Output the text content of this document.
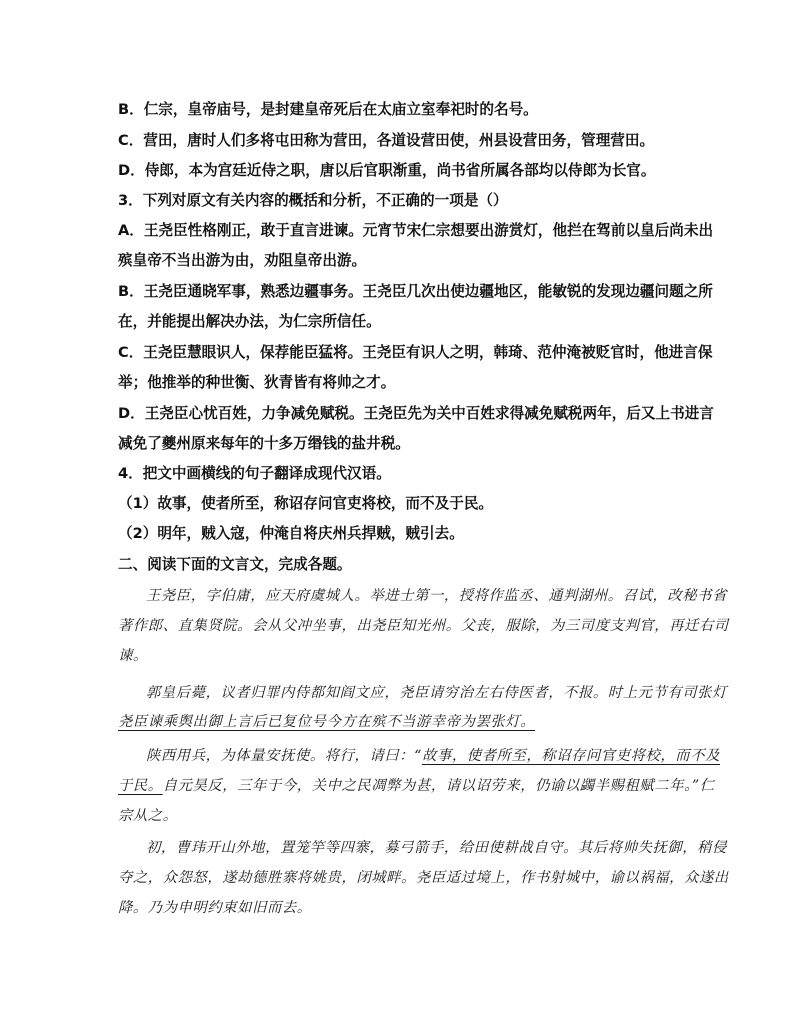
B．仁宗，皇帝庙号，是封建皇帝死后在太庙立室奉祀时的名号。
C．营田，唐时人们多将屯田称为营田，各道设营田使，州县设营田务，管理营田。
D．侍郎，本为宫廷近侍之职，唐以后官职渐重，尚书省所属各部均以侍郎为长官。
3．下列对原文有关内容的概括和分析，不正确的一项是（）
A．王尧臣性格刚正，敢于直言进谏。元宵节宋仁宗想要出游赏灯，他拦在驾前以皇后尚未出
殡皇帝不当出游为由，劝阻皇帝出游。
B．王尧臣通晓军事，熟悉边疆事务。王尧臣几次出使边疆地区，能敏锐的发现边疆问题之所
在，并能提出解决办法，为仁宗所信任。
C．王尧臣慧眼识人，保荐能臣猛将。王尧臣有识人之明，韩琦、范仲淹被贬官时，他进言保
举；他推举的种世衡、狄青皆有将帅之才。
D．王尧臣心忧百姓，力争减免赋税。王尧臣先为关中百姓求得减免赋税两年，后又上书进言
减免了夔州原来每年的十多万缗钱的盐井税。
4．把文中画横线的句子翻译成现代汉语。
（1）故事，使者所至，称诏存问官吏将校，而不及于民。
（2）明年，贼入寇，仲淹自将庆州兵捍贼，贼引去。
二、阅读下面的文言文，完成各题。
王尧臣，字伯庸，应天府虞城人。举进士第一，授将作监丞、通判湖州。召试，改秘书省
著作郎、直集贤院。会从父冲坐事，出尧臣知光州。父丧，服除，为三司度支判官，再迁右司
谏。
郭皇后薨，议者归罪内侍都知阎文应，尧臣请穷治左右侍医者，不报。时上元节有司张灯
尧臣谏乘舆出御上言后已复位号今方在殡不当游幸帝为罢张灯。
陕西用兵，为体量安抚使。将行，请曰：“故事，使者所至，称诏存问官吏将校，而不及
于民。自元昊反，三年于今，关中之民凋弊为甚，请以诏劳来，仍谕以蠲半赐租赋二年。”仁
宗从之。
初，曹玮开山外地，置笼竿等四寨，募弓箭手，给田使耕战自守。其后将帅失抚御，稍侵
夺之，众怨怒，遂劫德胜寨将姚贵，闭城畔。尧臣适过境上，作书射城中，谕以祸福，众遂出
降。乃为申明约束如旧而去。
